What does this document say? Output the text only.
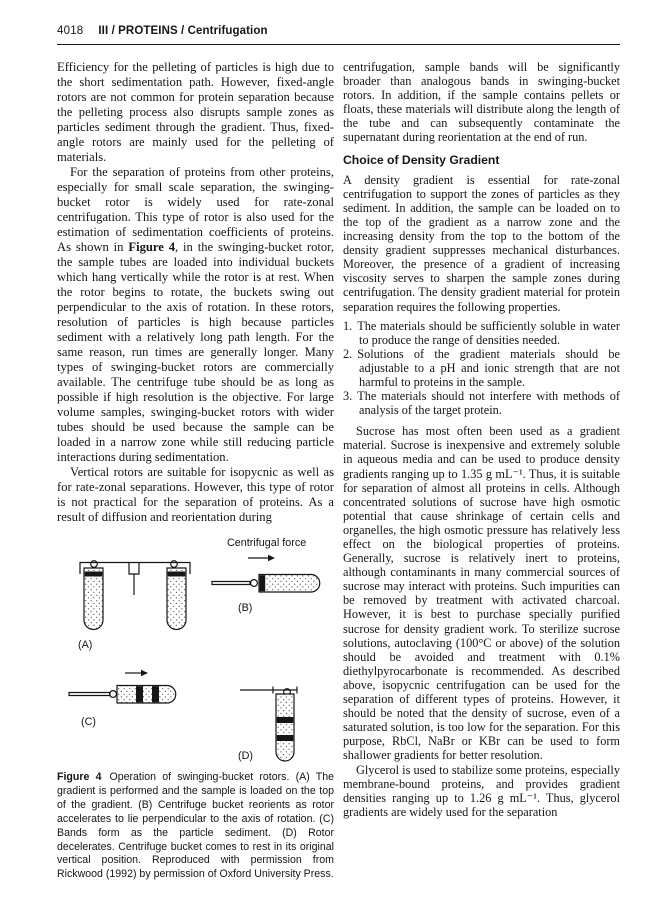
4018 III / PROTEINS / Centrifugation

Efficiency for the pelleting of particles is high due to the short sedimentation path. However, fixed-angle rotors are not common for protein separation because the pelleting process also disrupts sample zones as particles sediment through the gradient. Thus, fixed-angle rotors are mainly used for the pelleting of materials.

For the separation of proteins from other proteins, especially for small scale separation, the swinging-bucket rotor is widely used for rate-zonal centrifugation. This type of rotor is also used for the estimation of sedimentation coefficients of proteins. As shown in Figure 4, in the swinging-bucket rotor, the sample tubes are loaded into individual buckets which hang vertically while the rotor is at rest. When the rotor begins to rotate, the buckets swing out perpendicular to the axis of rotation. In these rotors, resolution of particles is high because particles sediment with a relatively long path length. For the same reason, run times are generally longer. Many types of swinging-bucket rotors are commercially available. The centrifuge tube should be as long as possible if high resolution is the objective. For large volume samples, swinging-bucket rotors with wider tubes should be used because the sample can be loaded in a narrow zone while still reducing particle interactions during sedimentation.

Vertical rotors are suitable for isopycnic as well as for rate-zonal separations. However, this type of rotor is not practical for the separation of proteins. As a result of diffusion and reorientation during

Centrifugal force
(A)
(B)
(C)
(D)
Figure 4 Operation of swinging-bucket rotors. (A) The gradient is performed and the sample is loaded on the top of the gradient. (B) Centrifuge bucket reorients as rotor accelerates to lie perpendicular to the axis of rotation. (C) Bands form as the particle sediment. (D) Rotor decelerates. Centrifuge bucket comes to rest in its original vertical position. Reproduced with permission from Rickwood (1992) by permission of Oxford University Press.

centrifugation, sample bands will be significantly broader than analogous bands in swinging-bucket rotors. In addition, if the sample contains pellets or floats, these materials will distribute along the length of the tube and can subsequently contaminate the supernatant during reorientation at the end of run.

Choice of Density Gradient

A density gradient is essential for rate-zonal centrifugation to support the zones of particles as they sediment. In addition, the sample can be loaded on to the top of the gradient as a narrow zone and the increasing density from the top to the bottom of the density gradient suppresses mechanical disturbances. Moreover, the presence of a gradient of increasing viscosity serves to sharpen the sample zones during centrifugation. The density gradient material for protein separation requires the following properties.

1. The materials should be sufficiently soluble in water to produce the range of densities needed.
2. Solutions of the gradient materials should be adjustable to a pH and ionic strength that are not harmful to proteins in the sample.
3. The materials should not interfere with methods of analysis of the target protein.

Sucrose has most often been used as a gradient material. Sucrose is inexpensive and extremely soluble in aqueous media and can be used to produce density gradients ranging up to 1.35 g mL⁻¹. Thus, it is suitable for separation of almost all proteins in cells. Although concentrated solutions of sucrose have high osmotic potential that cause shrinkage of certain cells and organelles, the high osmotic pressure has relatively less effect on the biological properties of proteins. Generally, sucrose is relatively inert to proteins, although contaminants in many commercial sources of sucrose may interact with proteins. Such impurities can be removed by treatment with activated charcoal. However, it is best to purchase specially purified sucrose for density gradient work. To sterilize sucrose solutions, autoclaving (100°C or above) of the solution should be avoided and treatment with 0.1% diethylpyrocarbonate is recommended. As described above, isopycnic centrifugation can be used for the separation of different types of proteins. However, it should be noted that the density of sucrose, even of a saturated solution, is too low for the separation. For this purpose, RbCl, NaBr or KBr can be used to form shallower gradients for better resolution.

Glycerol is used to stabilize some proteins, especially membrane-bound proteins, and provides gradient densities ranging up to 1.26 g mL⁻¹. Thus, glycerol gradients are widely used for the separation
